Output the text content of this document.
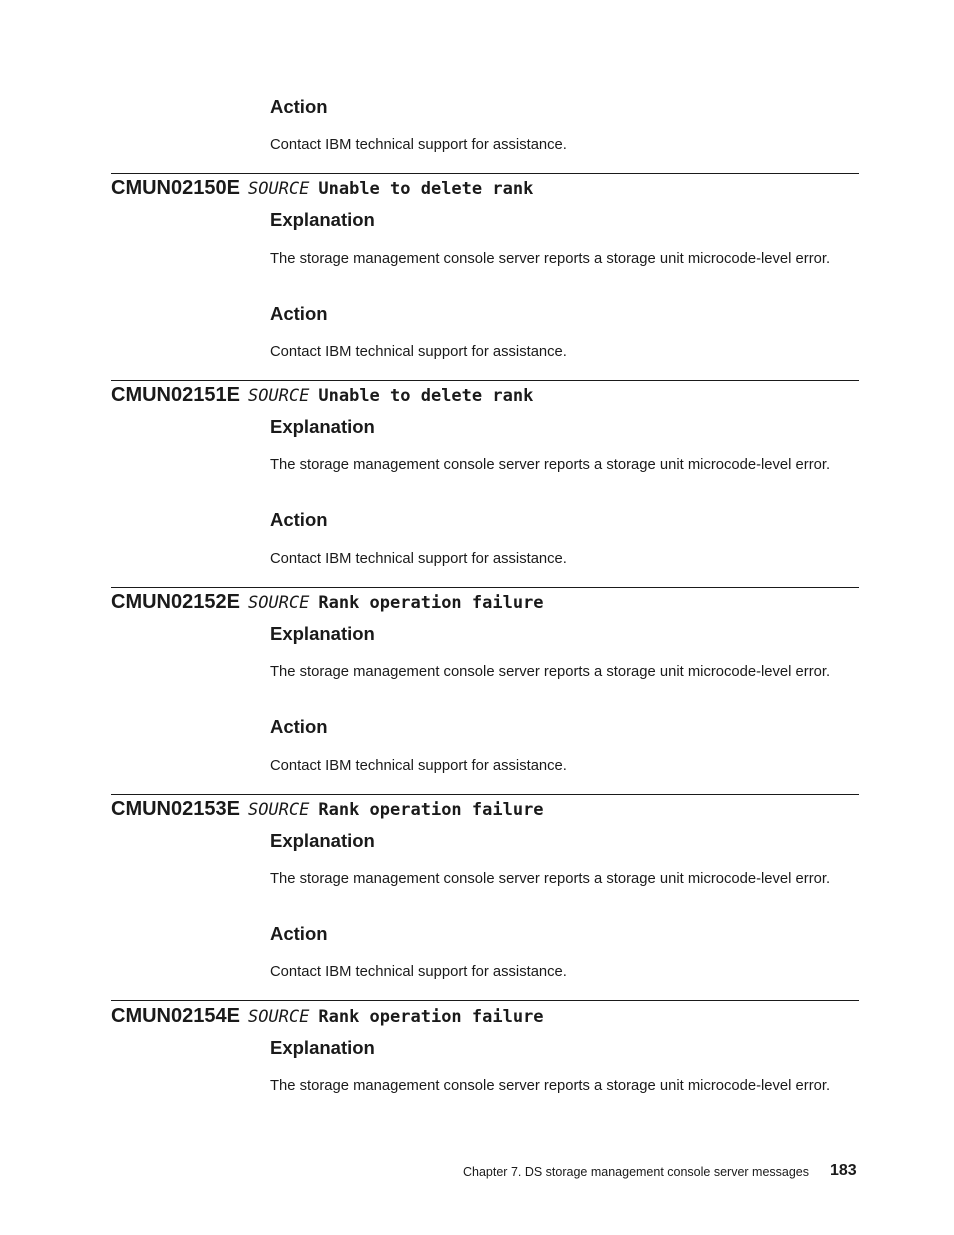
Action
Contact IBM technical support for assistance.
CMUN02150E SOURCE Unable to delete rank
Explanation
The storage management console server reports a storage unit microcode-level error.
Action
Contact IBM technical support for assistance.
CMUN02151E SOURCE Unable to delete rank
Explanation
The storage management console server reports a storage unit microcode-level error.
Action
Contact IBM technical support for assistance.
CMUN02152E SOURCE Rank operation failure
Explanation
The storage management console server reports a storage unit microcode-level error.
Action
Contact IBM technical support for assistance.
CMUN02153E SOURCE Rank operation failure
Explanation
The storage management console server reports a storage unit microcode-level error.
Action
Contact IBM technical support for assistance.
CMUN02154E SOURCE Rank operation failure
Explanation
The storage management console server reports a storage unit microcode-level error.
Chapter 7. DS storage management console server messages 183
